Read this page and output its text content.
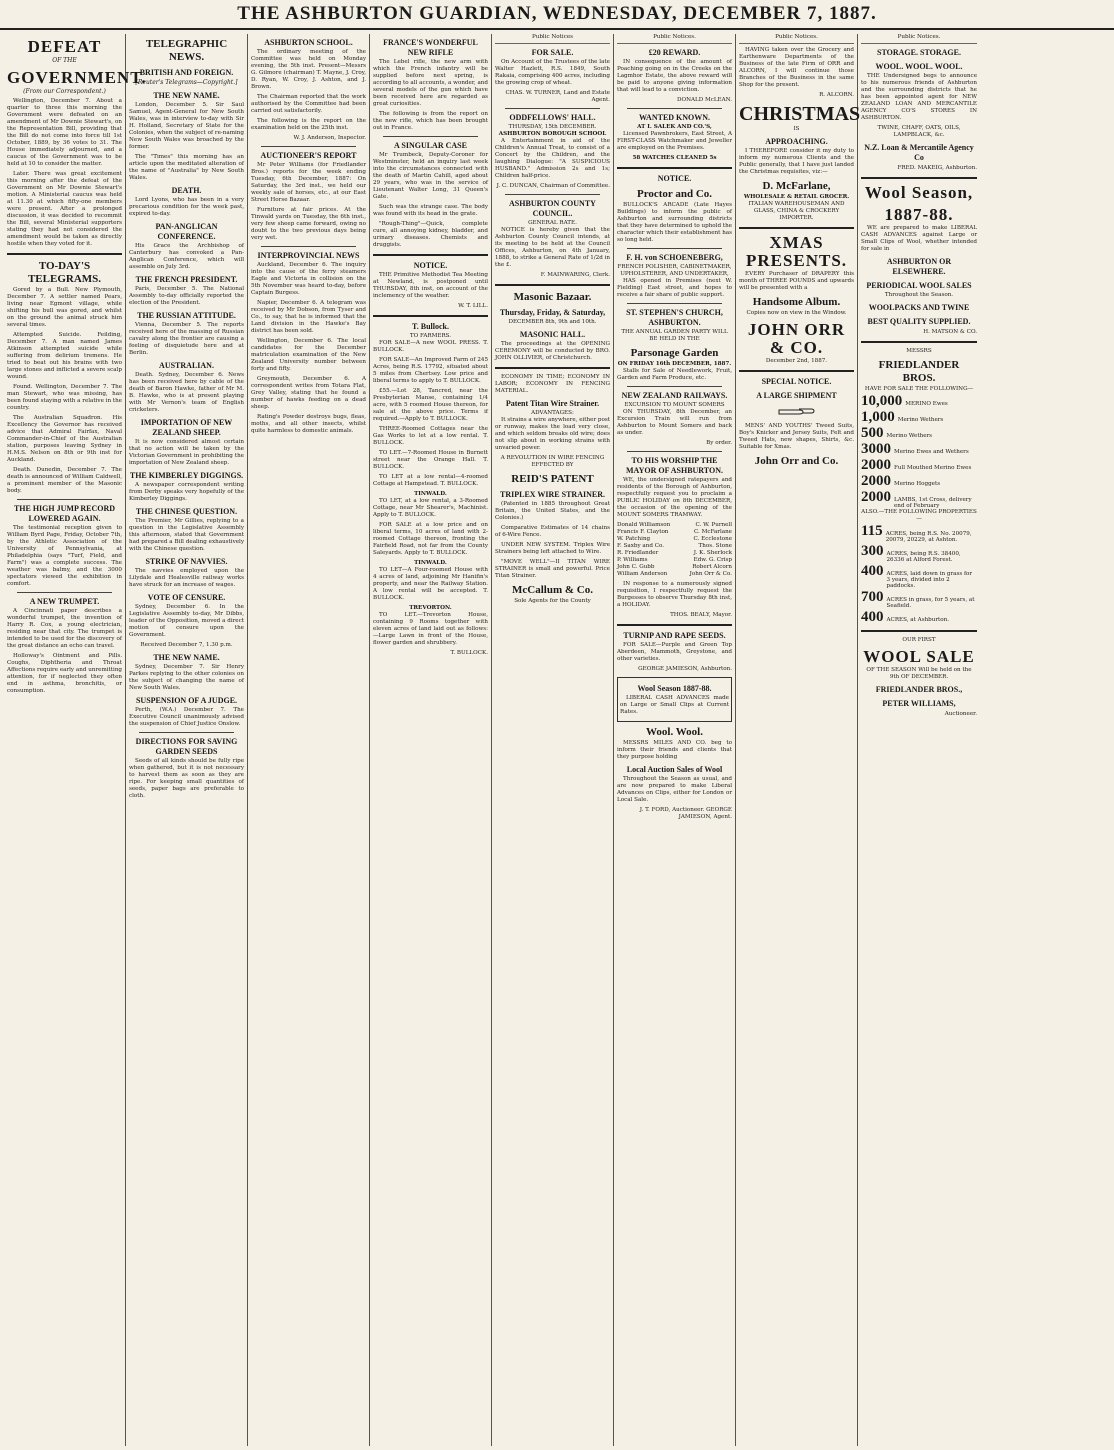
THE ASHBURTON GUARDIAN, WEDNESDAY, DECEMBER 7, 1887.
DEFEAT
OF THE
GOVERNMENT.
(From our Correspondent.)

Wellington, December 7. About a quarter to three this morning the Government were defeated on an amendment of Mr Downie Stewart's, on the Representation Bill, providing that the Bill do not come into force till 1st October, 1889, by 36 votes to 31. The House immediately adjourned, and a caucus of the Government was to be held at 10 to consider the matter.

Later. There was great excitement this morning after the defeat of the Government on Mr Downie Stewart's motion. A Ministerial caucus was held at 11.30 at which fifty-one members were present. After a prolonged discussion, it was decided to recommit the Bill, several Ministerial supporters stating they had not considered the amendment would be taken as directly hostile when they voted for it.

TO-DAY'S TELEGRAMS.

Gored by a Bull. New Plymouth, December 7. A settler named Pears, living near Egmont village, while shifting his bull was gored, and whilst on the ground the animal struck him several times.

Attempted Suicide. Feilding, December 7. A man named James Atkinson attempted suicide while suffering from delirium tremens. He tried to beat out his brains with two large stones and inflicted a severe scalp wound.

Found. Wellington, December 7. The man Stewart, who was missing, has been found staying with a relative in the country.

The Australian Squadron. His Excellency the Governor has received advice that Admiral Fairfax, Naval Commander-in-Chief of the Australian station, purposes leaving Sydney in H.M.S. Nelson on 8th or 9th inst for Auckland.

Death. Dunedin, December 7. The death is announced of William Caldwell, a prominent member of the Masonic body.

THE HIGH JUMP RECORD LOWERED AGAIN.

The testimonial reception given to William Byrd Page, Friday, October 7th, by the Athletic Association of the University of Pennsylvania, at Philadelphia (says "Turf, Field, and Farm") was a complete success. The weather was balmy, and the 3000 spectators viewed the exhibition in comfort.

A NEW TRUMPET.

A Cincinnati paper describes a wonderful trumpet, the invention of Harry R. Cox, a young electrician, residing near that city. The trumpet is intended to be used for the discovery of the great distance an echo can travel.

Holloway's Ointment and Pills. Coughs, Diphtheria and Throat Affections require early and unremitting attention, for if neglected they often end in asthma, bronchitis, or consumption.

TELEGRAPHIC NEWS.
BRITISH AND FOREIGN.
[Reuter's Telegrams—Copyright.]
THE NEW NAME.

London, December 5. Sir Saul Samuel, Agent-General for New South Wales, was in interview to-day with Sir H. Holland, Secretary of State for the Colonies, when the subject of re-naming New South Wales was broached by the former.

The "Times" this morning has an article upon the meditated alteration of the name of "Australia" by New South Wales.

DEATH.

Lord Lyons, who has been in a very precarious condition for the week past, expired to-day.

PAN-ANGLICAN CONFERENCE.

His Grace the Archbishop of Canterbury has convoked a Pan-Anglican Conference, which will assemble on July 3rd.

THE FRENCH PRESIDENT.

Paris, December 5. The National Assembly to-day officially reported the election of the President.

THE RUSSIAN ATTITUDE.

Vienna, December 5. The reports received here of the massing of Russian cavalry along the frontier are causing a feeling of disquietude here and at Berlin.

AUSTRALIAN.

Death. Sydney, December 6. News has been received here by cable of the death of Baron Hawke, father of Mr M. B. Hawke, who is at present playing with Mr Vernon's team of English cricketers.

IMPORTATION OF NEW ZEALAND SHEEP.

It is now considered almost certain that no action will be taken by the Victorian Government in prohibiting the importation of New Zealand sheep.

THE KIMBERLEY DIGGINGS.

A newspaper correspondent writing from Derby speaks very hopefully of the Kimberley Diggings.

THE CHINESE QUESTION.

The Premier, Mr Gillies, replying to a question in the Legislative Assembly this afternoon, stated that Government had prepared a Bill dealing exhaustively with the Chinese question.

STRIKE OF NAVVIES.

The navvies employed upon the Lilydale and Healesville railway works have struck for an increase of wages.

VOTE OF CENSURE.

Sydney, December 6. In the Legislative Assembly to-day, Mr Dibbs, leader of the Opposition, moved a direct motion of censure upon the Government.

Received December 7, 1.30 p.m.
THE NEW NAME.

Sydney, December 7. Sir Henry Parkes replying to the other colonies on the subject of changing the name of New South Wales.

SUSPENSION OF A JUDGE.

Perth, (W.A.) December 7. The Executive Council unanimously advised the suspension of Chief Justice Onslow.

DIRECTIONS FOR SAVING GARDEN SEEDS

Seeds of all kinds should be fully ripe when gathered, but it is not necessary to harvest them as soon as they are ripe. For keeping small quantities of seeds, paper bags are preferable to cloth.

ASHBURTON SCHOOL.

The ordinary meeting of the Committee was held on Monday evening, the 5th inst. Present—Messrs G. Gilmore (chairman) T. Mayne, J. Croy, D. Ryan, W. Croy, J. Ashton, and J. Brown.

The Chairman reported that the work authorised by the Committee had been carried out satisfactorily.

The following is the report on the examination held on the 25th inst.

W. J. Anderson, Inspector.
AUCTIONEER'S REPORT

Mr Peter Williams (for Friedlander Bros.) reports for the week ending Tuesday, 6th December, 1887: On Saturday, the 3rd inst., we held our weekly sale of horses, etc., at our East Street Horse Bazaar.

Furniture at fair prices. At the Tinwald yards on Tuesday, the 6th inst., very few sheep came forward, owing no doubt to the two previous days being very wet.

INTERPROVINCIAL NEWS

Auckland, December 6. The inquiry into the cause of the ferry steamers Eagle and Victoria in collision on the 5th November was heard to-day, before Captain Burgess.

Napier, December 6. A telegram was received by Mr Dobson, from Tyser and Co., to say, that he is informed that the Land division in the Hawke's Bay district has been sold.

Wellington, December 6. The local candidates for the December matriculation examination of the New Zealand University number between forty and fifty.

Greymouth, December 6. A correspondent writes from Totara Flat, Grey Valley, stating that he found a number of hawks feeding on a dead sheep.

Rating's Powder destroys bugs, fleas, moths, and all other insects, whilst quite harmless to domestic animals.

FRANCE'S WONDERFUL NEW RIFLE

The Lebel rifle, the new arm with which the French infantry will be supplied before next spring, is according to all accounts, a wonder, and several models of the gun which have been received here are regarded as great curiosities.

The following is from the report on the new rifle, which has been brought out in France.

A SINGULAR CASE

Mr Trumbeck, Deputy-Coroner for Westminster, held an inquiry last week into the circumstances connected with the death of Martin Cahill, aged about 29 years, who was in the service of Lieutenant Walter Long, 31 Queen's Gate.

Such was the strange case. The body was found with its head in the grate.

"Rough-Thing"—Quick, complete cure, all annoying kidney, bladder, and urinary diseases. Chemists and druggists.

NOTICE.

THE Primitive Methodist Tea Meeting at Newland, is postponed until THURSDAY, 8th inst, on account of the inclemency of the weather.

W. T. LILL.
T. Bullock.
TO FARMERS.

FOR SALE—A new WOOL PRESS. T. BULLOCK.

FOR SALE—An Improved Farm of 245 Acres, being R.S. 17792, situated about 5 miles from Chertsey. Low price and liberal terms to apply to T. BULLOCK.

£55.—Lot 28, Tancred, near the Presbyterian Manse, containing 1/4 acre, with 5 roomed House thereon, for sale at the above price. Terms if required.—Apply to T. BULLOCK.

THREE-Roomed Cottages near the Gas Works to let at a low rental. T. BULLOCK.

TO LET.—7-Roomed House in Burnett street near the Orange Hall. T. BULLOCK.

TO LET at a low rental—4-roomed Cottage at Hampstead. T. BULLOCK.

TINWALD.

TO LET, at a low rental, a 3-Roomed Cottage, near Mr Shearer's, Machinist. Apply to T. BULLOCK.

FOR SALE at a low price and on liberal terms, 10 acres of land with 2-roomed Cottage thereon, fronting the Fairfield Road, not far from the County Saleyards. Apply to T. BULLOCK.

TINWALD.

TO LET—A Four-roomed House with 4 acres of land, adjoining Mr Hanifin's property, and near the Railway Station. A low rental will be accepted. T. BULLOCK.

TREVORTON.

TO LET.—Trevorton House, containing 9 Rooms together with eleven acres of land laid out as follows:—Large Lawn in front of the House, flower garden and shrubbery.

T. BULLOCK.
Public Notices
FOR SALE.

On Account of the Trustees of the late Walter Hazlett, R.S. 1849, South Rakaia, comprising 400 acres, including the growing crop of wheat.

CHAS. W. TURNER, Land and Estate Agent.
ODDFELLOWS' HALL.
THURSDAY, 15th DECEMBER.
ASHBURTON BOROUGH SCHOOL

A Entertainment in aid of the Children's Annual Treat, to consist of a Concert by the Children, and the laughing Dialogue: "A SUSPICIOUS HUSBAND." Admission 2s and 1s; Children half-price.

J. C. DUNCAN, Chairman of Committee.
ASHBURTON COUNTY COUNCIL.
GENERAL RATE.

NOTICE is hereby given that the Ashburton County Council intends, at its meeting to be held at the Council Offices, Ashburton, on 4th January, 1888, to strike a General Rate of 1/2d in the £.

F. MAINWARING, Clerk.
Masonic Bazaar.
Thursday, Friday, & Saturday,
DECEMBER 8th, 9th and 10th.
MASONIC HALL.

The proceedings at the OPENING CEREMONY will be conducted by BRO. JOHN OLLIVIER, of Christchurch.

ECONOMY IN TIME; ECONOMY IN LABOR; ECONOMY IN FENCING MATERIAL.

Patent Titan Wire Strainer.
ADVANTAGES:

It strains a wire anywhere, either post or runway, makes the load very close, and which seldom breaks old wire; does not slip about in working strains with unvaried power.

A REVOLUTION IN WIRE FENCING EFFECTED BY
REID'S PATENT
TRIPLEX WIRE STRAINER.

(Patented in 1885 throughout Great Britain, the United States, and the Colonies.)

Comparative Estimates of 14 chains of 6-Wire Fence.

UNDER NEW SYSTEM. Triplex Wire Strainers being left attached to Wire.

"MOVE WELL"—II TITAN WIRE STRAINER is small and powerful. Price Titan Strainer.

McCallum & Co.
Sole Agents for the County
Public Notices.
£20 REWARD.

IN consequence of the amount of Poaching going on in the Creeks on the Lagmhor Estate, the above reward will be paid to anyone giving information that will lead to a conviction.

DONALD McLEAN.
WANTED KNOWN.
AT I. SALEK AND CO.'S,

Licensed Pawnbrokers, East Street, A FIRST-CLASS Watchmaker and Jeweller are employed on the Premises.

58 WATCHES CLEANED 5s
NOTICE.
Proctor and Co.

BULLOCK'S ARCADE (Late Hayes Buildings) to inform the public of Ashburton and surrounding districts that they have determined to uphold the character which their establishment has so long held.

F. H. von SCHOENEBERG,
FRENCH POLISHER, CABINETMAKER, UPHOLSTERER, AND UNDERTAKER,

HAS opened in Premises (next W. Fielding) East street, and hopes to receive a fair share of public support.

ST. STEPHEN'S CHURCH, ASHBURTON.
THE ANNUAL GARDEN PARTY WILL BE HELD IN THE
Parsonage Garden
ON FRIDAY 16th DECEMBER, 1887.

Stalls for Sale of Needlework, Fruit, Garden and Farm Produce, etc.

NEW ZEALAND RAILWAYS.
EXCURSION TO MOUNT SOMERS

ON THURSDAY, 8th December, an Excursion Train will run from Ashburton to Mount Somers and back as under.

By order.
TO HIS WORSHIP THE MAYOR OF ASHBURTON.

WE, the undersigned ratepayers and residents of the Borough of Ashburton, respectfully request you to proclaim a PUBLIC HOLIDAY on 8th DECEMBER, the occasion of the opening of the MOUNT SOMERS TRAMWAY.

Donald Williamson	C. W. Purnell
Francis F. Clayton	C. McFarlane
W. Patching	C. Ecclestone
F. Saxby and Co.	Thos. Stone
R. Friedlander	J. K. Sherlock
P. Williams	Edw. G. Crisp
John C. Gubb	Robert Alcorn
William Anderson	John Orr & Co.

IN response to a numerously signed requisition, I respectfully request the Burgesses to observe Thursday 8th inst, a HOLIDAY.

THOS. BEALY, Mayor.
TURNIP AND RAPE SEEDS.

FOR SALE—Purple and Green Top Aberdeen, Mammoth, Greystone, and other varieties.

GEORGE JAMIESON, Ashburton.
Wool Season 1887-88.

LIBERAL CASH ADVANCES made on Large or Small Clips at Current Rates.

Wool. Wool.

MESSRS MILES AND CO. beg to inform their friends and clients that they purpose holding

Local Auction Sales of Wool

Throughout the Season as usual, and are now prepared to make Liberal Advances on Clips, either for London or Local Sale.

J. T. FORD, Auctioneer. GEORGE JAMIESON, Agent.
Public Notices.

HAVING taken over the Grocery and Earthenware Departments of the Business of the late Firm of ORR and ALCORN, I will continue those Branches of the Business in the same Shop for the present.

R. ALCORN.
CHRISTMAS
IS
APPROACHING.

I THEREFORE consider it my duty to inform my numerous Clients and the Public generally, that I have just landed the Christmas requisites, viz:—

D. McFarlane,
WHOLESALE & RETAIL GROCER.
ITALIAN WAREHOUSEMAN AND GLASS, CHINA & CROCKERY IMPORTER.
XMAS PRESENTS.

EVERY Purchaser of DRAPERY this month of THREE POUNDS and upwards will be presented with a

Handsome Album.
Copies now on view in the Window.
JOHN ORR & CO.
December 2nd, 1887.
SPECIAL NOTICE.
A LARGE SHIPMENT

MENS' AND YOUTHS' Tweed Suits, Boy's Knicker and Jersey Suits, Felt and Tweed Hats, new shapes, Shirts, &c. Suitable for Xmas.

John Orr and Co.
Public Notices.
STORAGE. STORAGE.
WOOL. WOOL. WOOL.

THE Undersigned begs to announce to his numerous friends of Ashburton and the surrounding districts that he has been appointed agent for NEW ZEALAND LOAN AND MERCANTILE AGENCY CO'S STORES IN ASHBURTON.

TWINE, CHAFF, OATS, OILS, LAMPBLACK, &c.
N.Z. Loan & Mercantile Agency Co
FRED. MAKEIG, Ashburton.
Wool Season,
1887-88.

WE are prepared to make LIBERAL CASH ADVANCES against Large or Small Clips of Wool, whether intended for sale in

ASHBURTON OR ELSEWHERE.
PERIODICAL WOOL SALES
Throughout the Season.
WOOLPACKS AND TWINE
BEST QUALITY SUPPLIED.
H. MATSON & CO.
MESSRS
FRIEDLANDER BROS.
HAVE FOR SALE THE FOLLOWING—
10,000 MERINO Ewes
1,000 Merino Wethers
500 Merino Wethers
3000 Merino Ewes and Wethers
2000 Full Mouthed Merino Ewes
2000 Merino Hoggets
2000 LAMBS, 1st Cross, delivery end of February
ALSO.—THE FOLLOWING PROPERTIES—
115 ACRES, being R.S. No. 20079, 20079, 20229, at Ashton.
300 ACRES, being R.S. 38400, 26336 at Alford Forest.
400 ACRES, laid down in grass for 3 years, divided into 2 paddocks.
700 ACRES in grass, for 5 years, at Seafield.
400 ACRES, at Ashburton.
OUR FIRST
WOOL SALE
OF THE SEASON Will be held on the 9th OF DECEMBER.
FRIEDLANDER BROS.,
PETER WILLIAMS,
Auctioneer.
